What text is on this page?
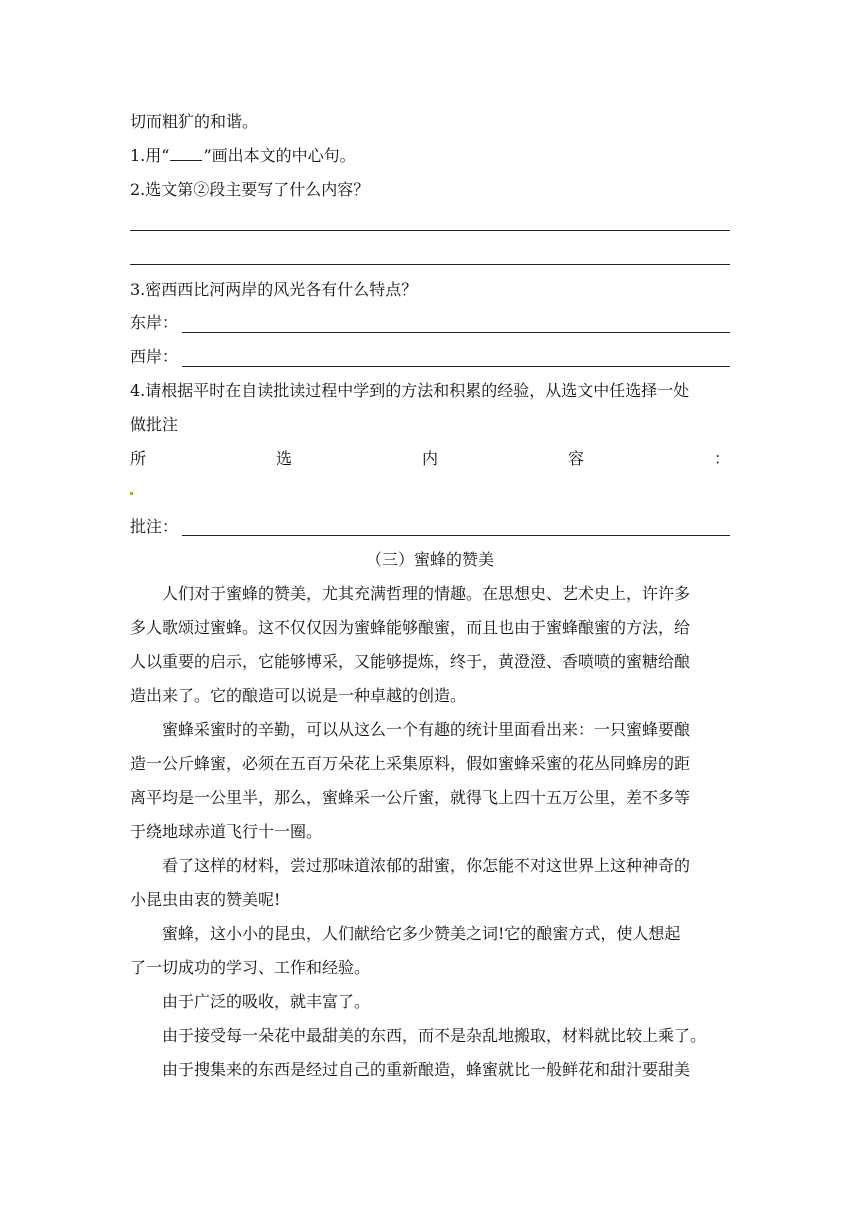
切而粗犷的和谐。
1.用“ ”画出本文的中心句。
2.选文第②段主要写了什么内容？
3.密西西比河两岸的风光各有什么特点？
东岸：
西岸：
4.请根据平时在自读批读过程中学到的方法和积累的经验，从选文中任选择一处
做批注
所	选	内	容	：
批注：
（三）蜜蜂的赞美
人们对于蜜蜂的赞美，尤其充满哲理的情趣。在思想史、艺术史上，许许多
多人歌颂过蜜蜂。这不仅仅因为蜜蜂能够酿蜜，而且也由于蜜蜂酿蜜的方法，给
人以重要的启示，它能够博采，又能够提炼，终于，黄澄澄、香喷喷的蜜糖给酿
造出来了。它的酿造可以说是一种卓越的创造。
蜜蜂采蜜时的辛勤，可以从这么一个有趣的统计里面看出来：一只蜜蜂要酿
造一公斤蜂蜜，必须在五百万朵花上采集原料，假如蜜蜂采蜜的花丛同蜂房的距
离平均是一公里半，那么，蜜蜂采一公斤蜜，就得飞上四十五万公里，差不多等
于绕地球赤道飞行十一圈。
看了这样的材料，尝过那味道浓郁的甜蜜，你怎能不对这世界上这种神奇的
小昆虫由衷的赞美呢!
蜜蜂，这小小的昆虫，人们献给它多少赞美之词!它的酿蜜方式，使人想起
了一切成功的学习、工作和经验。
由于广泛的吸收，就丰富了。
由于接受每一朵花中最甜美的东西，而不是杂乱地搬取，材料就比较上乘了。
由于搜集来的东西是经过自己的重新酿造，蜂蜜就比一般鲜花和甜汁要甜美
